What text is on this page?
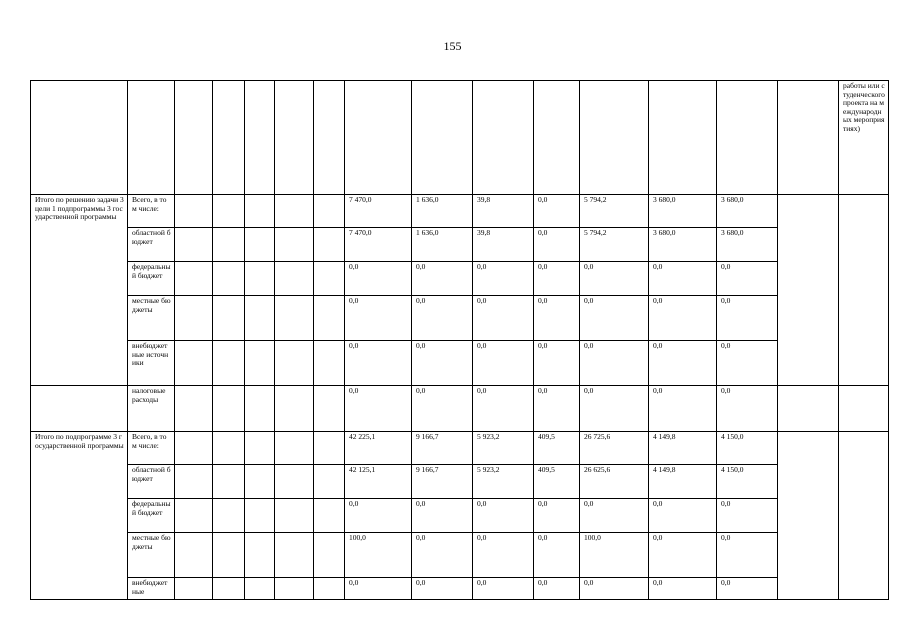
155
															работы или студенческого проекта на международных мероприятиях)
Итого по решению задачи 3 цели 1 подпрограммы 3 государственной программы	Всего, в том числе:						7 470,0	1 636,0	39,8	0,0	5 794,2	3 680,0	3 680,0		
	областной бюджет						7 470,0	1 636,0	39,8	0,0	5 794,2	3 680,0	3 680,0		
	федеральный бюджет						0,0	0,0	0,0	0,0	0,0	0,0	0,0		
	местные бюджеты						0,0	0,0	0,0	0,0	0,0	0,0	0,0		
	внебюджетные источники						0,0	0,0	0,0	0,0	0,0	0,0	0,0		
	налоговые расходы						0,0	0,0	0,0	0,0	0,0	0,0	0,0		
Итого по подпрограмме 3 государственной программы	Всего, в том числе:						42 225,1	9 166,7	5 923,2	409,5	26 725,6	4 149,8	4 150,0		
	областной бюджет						42 125,1	9 166,7	5 923,2	409,5	26 625,6	4 149,8	4 150,0		
	федеральный бюджет						0,0	0,0	0,0	0,0	0,0	0,0	0,0		
	местные бюджеты						100,0	0,0	0,0	0,0	100,0	0,0	0,0		
	внебюджетные						0,0	0,0	0,0	0,0	0,0	0,0	0,0		
